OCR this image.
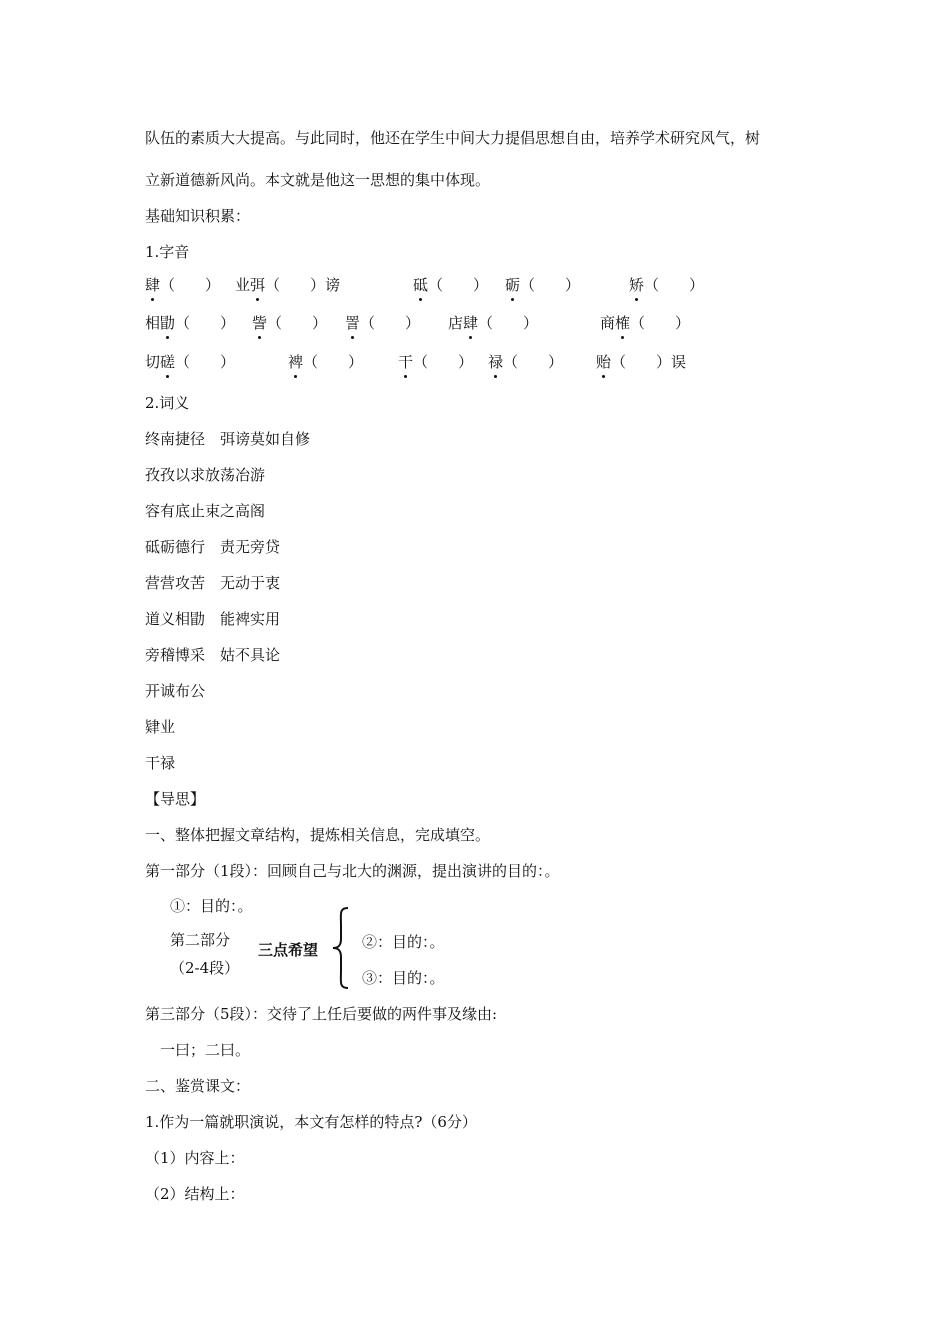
队伍的素质大大提高。与此同时，他还在学生中间大力提倡思想自由，培养学术研究风气，树
立新道德新风尚。本文就是他这一思想的集中体现。
基础知识积累：
1.字音
肆（　　） 业弭（　　）谤	砥（　　） 砺（　　）	矫（　　）
相勖（　　） 訾（　　） 詈（　　） 店肆（　　）	商榷（　　）
切磋（　　）	裨（　　） 干（　　） 禄（　　） 贻（　　）误
2.词义
终南捷径　弭谤莫如自修
孜孜以求放荡冶游
容有底止束之高阁
砥砺德行　责无旁贷
营营攻苦　无动于衷
道义相勖　能裨实用
旁稽博采　姑不具论
开诚布公
肄业
干禄
【导思】
一、整体把握文章结构，提炼相关信息，完成填空。
第一部分（1段）：回顾自己与北大的渊源，提出演讲的目的：。
①：目的：。
第二部分
（2-4段）
三点希望	②：目的：。
③：目的：。
第三部分（5段）：交待了上任后要做的两件事及缘由:
一曰；二曰。
二、鉴赏课文：
1.作为一篇就职演说，本文有怎样的特点?（6分）
（1）内容上：
（2）结构上：
